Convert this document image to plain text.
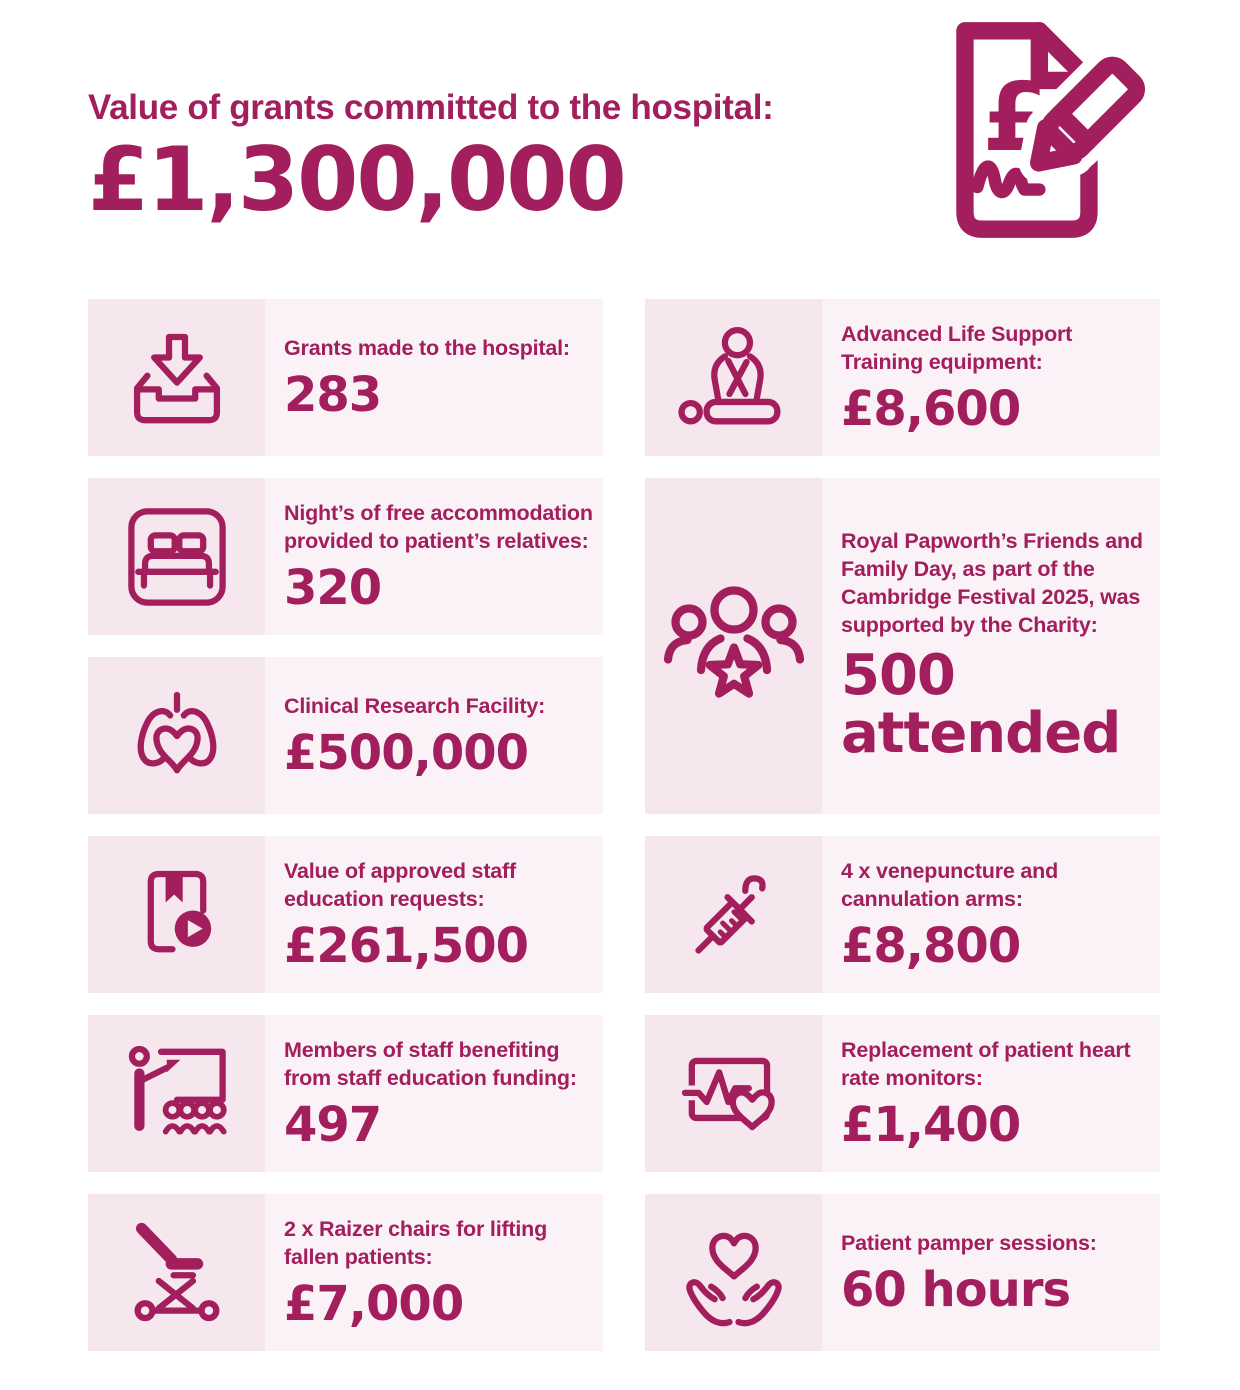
Value of grants committed to the hospital:
£1,300,000
£
Grants made to the hospital:
283
Night’s of free accommodation provided to patient’s relatives:
320
Clinical Research Facility:
£500,000
Value of approved staff education requests:
£261,500
Members of staff benefiting from staff education funding:
497
2 x Raizer chairs for lifting fallen patients:
£7,000
Advanced Life Support Training equipment:
£8,600
Royal Papworth’s Friends and Family Day, as part of the Cambridge Festival 2025, was supported by the Charity:
500 attended
4 x venepuncture and cannulation arms:
£8,800
Replacement of patient heart rate monitors:
£1,400
Patient pamper sessions:
60 hours
